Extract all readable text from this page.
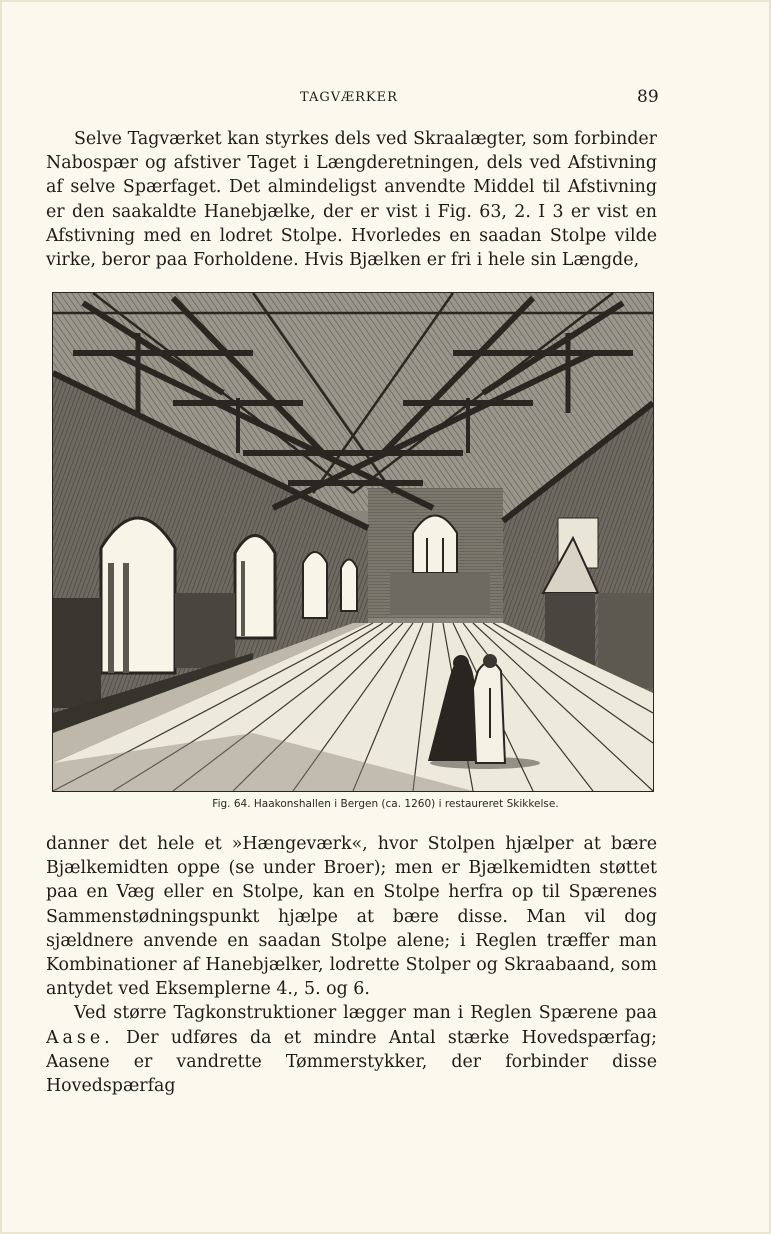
TAGVÆRKER	89

Selve Tagværket kan styrkes dels ved Skraalægter, som forbinder Nabospær og afstiver Taget i Længderetningen, dels ved Afstivning af selve Spærfaget. Det almindeligst anvendte Middel til Afstivning er den saakaldte Hanebjælke, der er vist i Fig. 63, 2. I 3 er vist en Afstivning med en lodret Stolpe. Hvorledes en saadan Stolpe vilde virke, beror paa Forholdene. Hvis Bjælken er fri i hele sin Længde,

Fig. 64. Haakonshallen i Bergen (ca. 1260) i restaureret Skikkelse.

danner det hele et »Hængeværk«, hvor Stolpen hjælper at bære Bjælkemidten oppe (se under Broer); men er Bjælkemidten støttet paa en Væg eller en Stolpe, kan en Stolpe herfra op til Spærenes Sammenstødningspunkt hjælpe at bære disse. Man vil dog sjældnere anvende en saadan Stolpe alene; i Reglen træffer man Kombinationer af Hanebjælker, lodrette Stolper og Skraabaand, som antydet ved Eksemplerne 4., 5. og 6.

Ved større Tagkonstruktioner lægger man i Reglen Spærene paa Aase. Der udføres da et mindre Antal stærke Hovedspærfag; Aasene er vandrette Tømmerstykker, der forbinder disse Hovedspærfag
